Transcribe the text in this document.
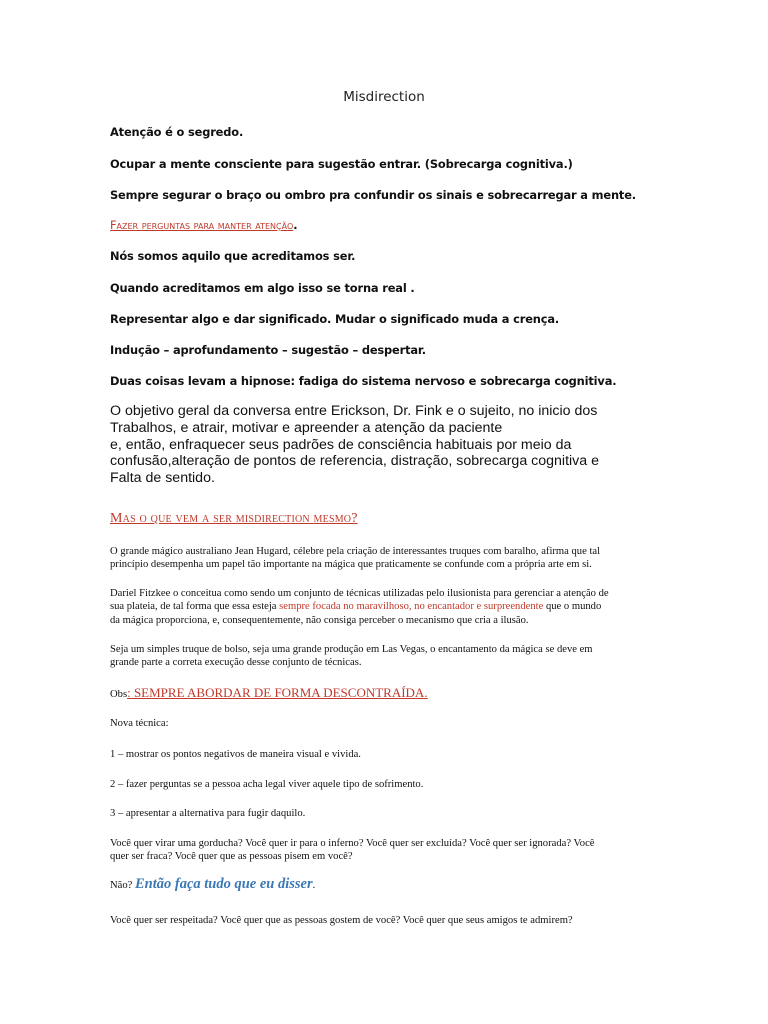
Misdirection
Atenção é o segredo.
Ocupar a mente consciente para sugestão entrar. (Sobrecarga cognitiva.)
Sempre segurar o braço ou ombro pra confundir os sinais e sobrecarregar a mente.
Fazer perguntas para manter atenção.
Nós somos aquilo que acreditamos ser.
Quando acreditamos em algo isso se torna real .
Representar algo e dar significado. Mudar o significado muda a crença.
Indução – aprofundamento – sugestão – despertar.
Duas coisas levam a hipnose: fadiga do sistema nervoso e sobrecarga cognitiva.
O objetivo geral da conversa entre Erickson, Dr. Fink e o sujeito, no inicio dos
Trabalhos, e atrair, motivar e apreender a atenção da paciente
e, então, enfraquecer seus padrões de consciência habituais por meio da
confusão,alteração de pontos de referencia, distração, sobrecarga cognitiva e
Falta de sentido.
Mas o que vem a ser misdirection mesmo?
O grande mágico australiano Jean Hugard, célebre pela criação de interessantes truques com baralho, afirma que tal
princípio desempenha um papel tão importante na mágica que praticamente se confunde com a própria arte em si.
Dariel Fitzkee o conceitua como sendo um conjunto de técnicas utilizadas pelo ilusionista para gerenciar a atenção de
sua plateia, de tal forma que essa esteja sempre focada no maravilhoso, no encantador e surpreendente que o mundo
da mágica proporciona, e, consequentemente, não consiga perceber o mecanismo que cria a ilusão.
Seja um simples truque de bolso, seja uma grande produção em Las Vegas, o encantamento da mágica se deve em
grande parte a correta execução desse conjunto de técnicas.
Obs: SEMPRE ABORDAR DE FORMA DESCONTRAÍDA.
Nova técnica:
1 – mostrar os pontos negativos de maneira visual e vivida.
2 – fazer perguntas se a pessoa acha legal viver aquele tipo de sofrimento.
3 – apresentar a alternativa para fugir daquilo.
Você quer virar uma gorducha? Você quer ir para o inferno? Você quer ser excluída? Você quer ser ignorada? Você
quer ser fraca? Você quer que as pessoas pisem em você?
Não? Então faça tudo que eu disser.
Você quer ser respeitada? Você quer que as pessoas gostem de você? Você quer que seus amigos te admirem?
